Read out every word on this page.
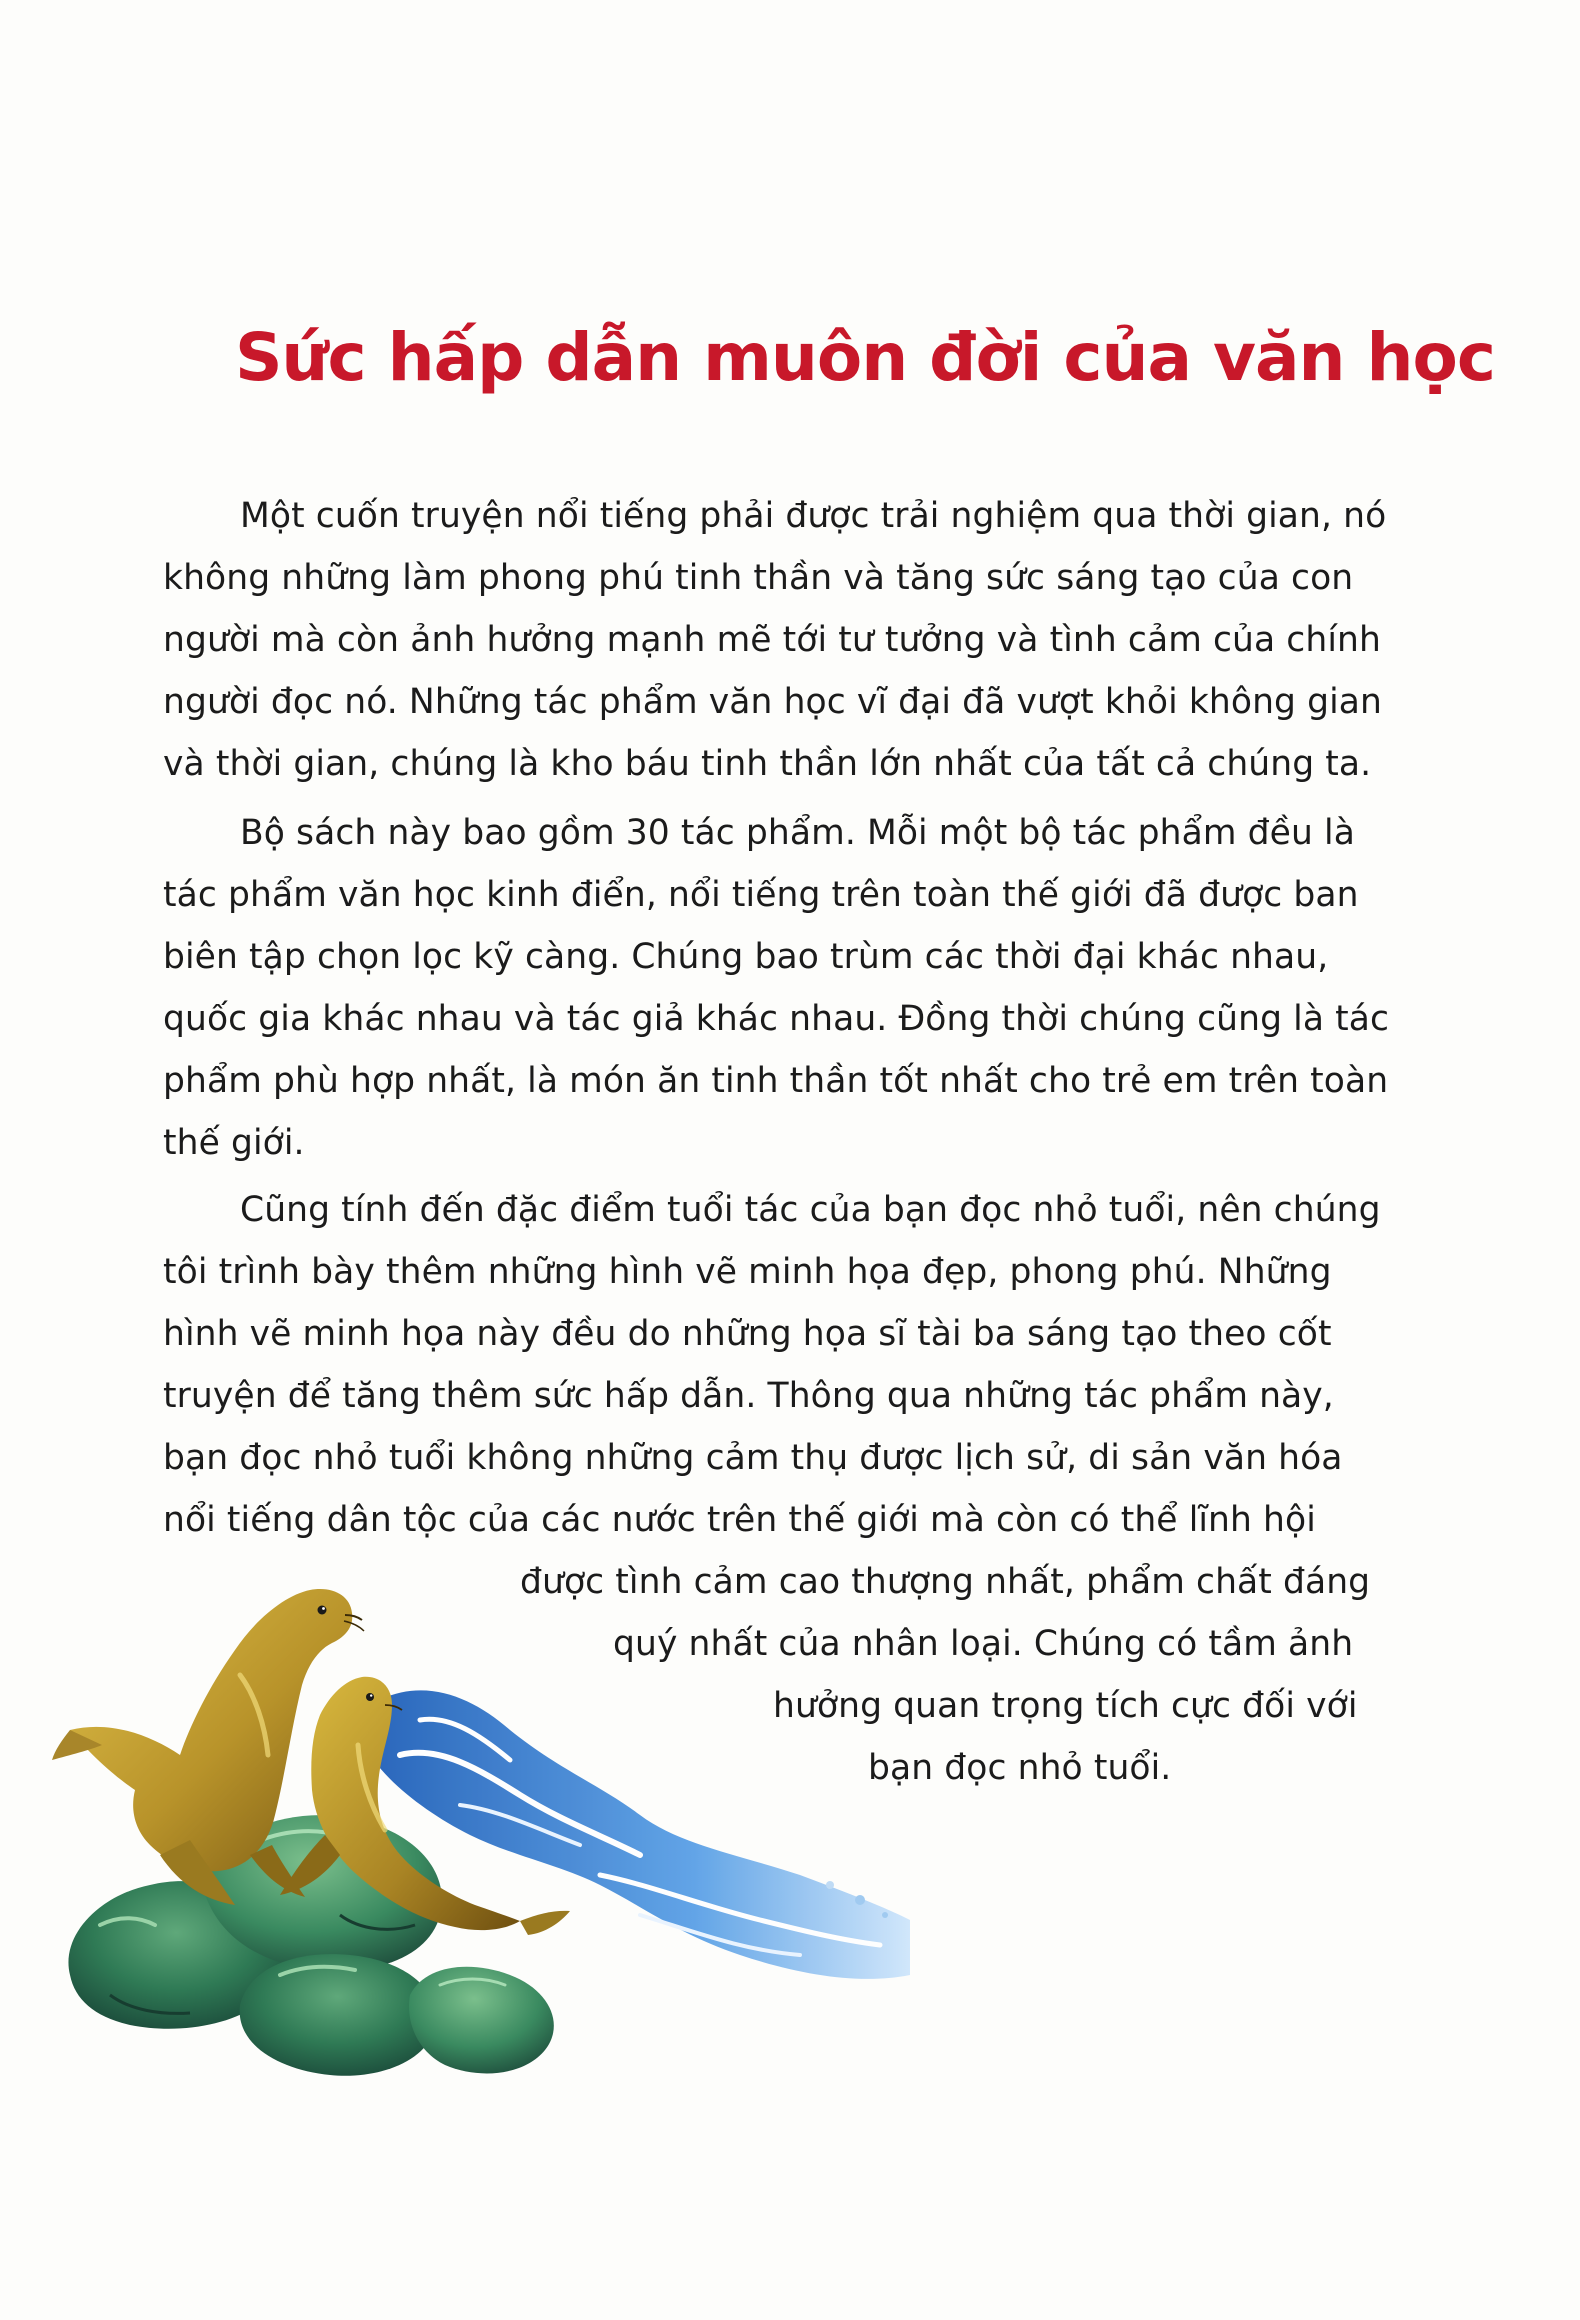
Sức hấp dẫn muôn đời của văn học

Một cuốn truyện nổi tiếng phải được trải nghiệm qua thời gian, nó

không những làm phong phú tinh thần và tăng sức sáng tạo của con

người mà còn ảnh hưởng mạnh mẽ tới tư tưởng và tình cảm của chính

người đọc nó. Những tác phẩm văn học vĩ đại đã vượt khỏi không gian

và thời gian, chúng là kho báu tinh thần lớn nhất của tất cả chúng ta.

Bộ sách này bao gồm 30 tác phẩm. Mỗi một bộ tác phẩm đều là

tác phẩm văn học kinh điển, nổi tiếng trên toàn thế giới đã được ban

biên tập chọn lọc kỹ càng. Chúng bao trùm các thời đại khác nhau,

quốc gia khác nhau và tác giả khác nhau. Đồng thời chúng cũng là tác

phẩm phù hợp nhất, là món ăn tinh thần tốt nhất cho trẻ em trên toàn

thế giới.

Cũng tính đến đặc điểm tuổi tác của bạn đọc nhỏ tuổi, nên chúng

tôi trình bày thêm những hình vẽ minh họa đẹp, phong phú. Những

hình vẽ minh họa này đều do những họa sĩ tài ba sáng tạo theo cốt

truyện để tăng thêm sức hấp dẫn. Thông qua những tác phẩm này,

bạn đọc nhỏ tuổi không những cảm thụ được lịch sử, di sản văn hóa

nổi tiếng dân tộc của các nước trên thế giới mà còn có thể lĩnh hội

được tình cảm cao thượng nhất, phẩm chất đáng

quý nhất của nhân loại. Chúng có tầm ảnh

hưởng quan trọng tích cực đối với

bạn đọc nhỏ tuổi.
